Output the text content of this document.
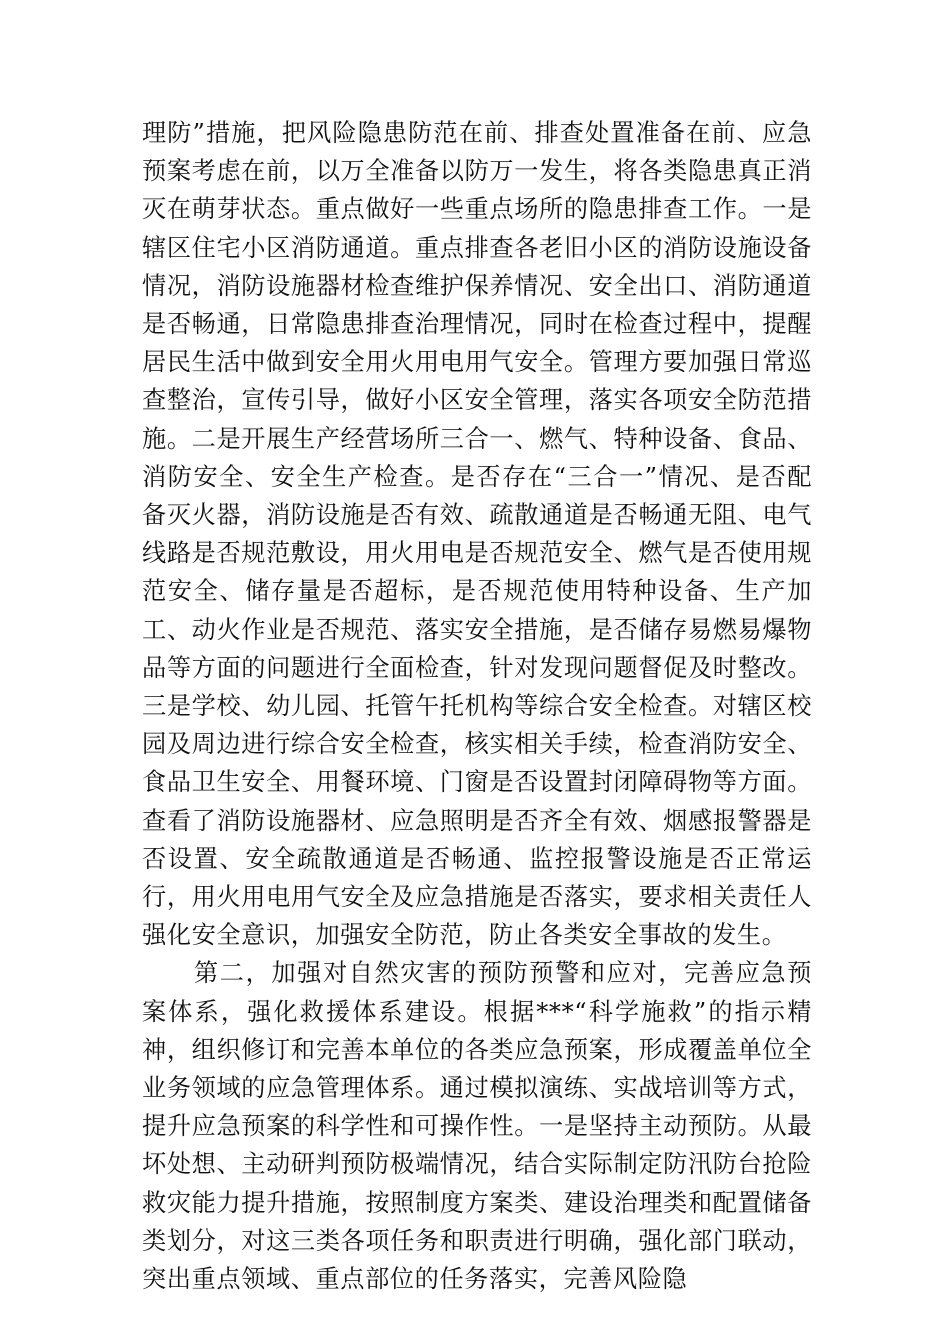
理防”措施，把风险隐患防范在前、排查处置准备在前、应急预案考虑在前，以万全准备以防万一发生，将各类隐患真正消灭在萌芽状态。重点做好一些重点场所的隐患排查工作。一是辖区住宅小区消防通道。重点排查各老旧小区的消防设施设备情况，消防设施器材检查维护保养情况、安全出口、消防通道是否畅通，日常隐患排查治理情况，同时在检查过程中，提醒居民生活中做到安全用火用电用气安全。管理方要加强日常巡查整治，宣传引导，做好小区安全管理，落实各项安全防范措施。二是开展生产经营场所三合一、燃气、特种设备、食品、消防安全、安全生产检查。是否存在“三合一”情况、是否配备灭火器，消防设施是否有效、疏散通道是否畅通无阻、电气线路是否规范敷设，用火用电是否规范安全、燃气是否使用规范安全、储存量是否超标，是否规范使用特种设备、生产加工、动火作业是否规范、落实安全措施，是否储存易燃易爆物品等方面的问题进行全面检查，针对发现问题督促及时整改。三是学校、幼儿园、托管午托机构等综合安全检查。对辖区校园及周边进行综合安全检查，核实相关手续，检查消防安全、食品卫生安全、用餐环境、门窗是否设置封闭障碍物等方面。查看了消防设施器材、应急照明是否齐全有效、烟感报警器是否设置、安全疏散通道是否畅通、监控报警设施是否正常运行，用火用电用气安全及应急措施是否落实，要求相关责任人强化安全意识，加强安全防范，防止各类安全事故的发生。

第二，加强对自然灾害的预防预警和应对，完善应急预案体系，强化救援体系建设。根据***“科学施救”的指示精神，组织修订和完善本单位的各类应急预案，形成覆盖单位全业务领域的应急管理体系。通过模拟演练、实战培训等方式，提升应急预案的科学性和可操作性。一是坚持主动预防。从最坏处想、主动研判预防极端情况，结合实际制定防汛防台抢险救灾能力提升措施，按照制度方案类、建设治理类和配置储备类划分，对这三类各项任务和职责进行明确，强化部门联动，突出重点领域、重点部位的任务落实，完善风险隐
